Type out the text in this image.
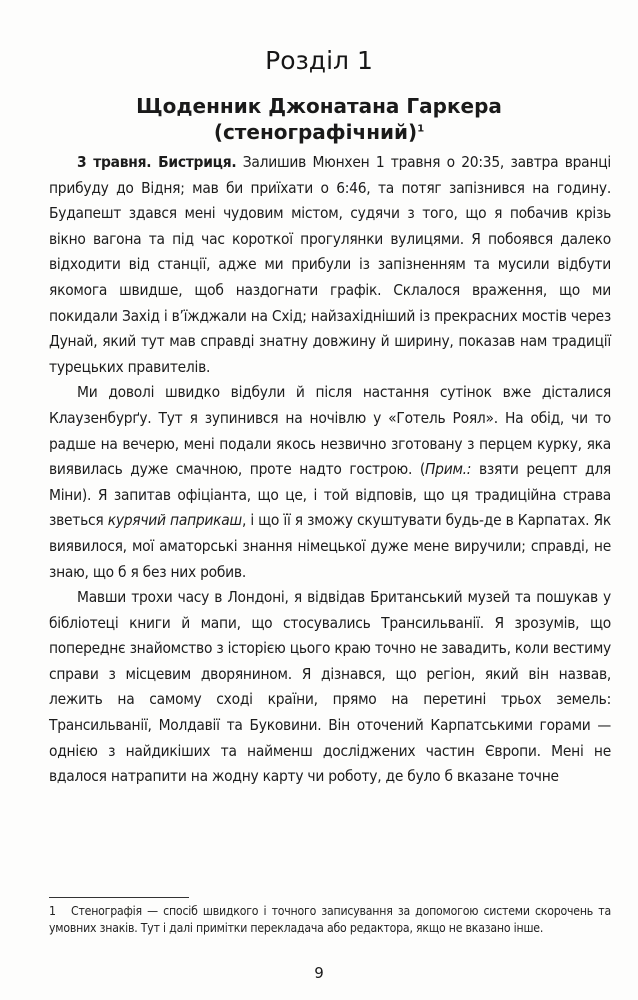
Розділ 1
Щоденник Джонатана Гаркера
(стенографічний)$^1$

3 травня. Бистриця. Залишив Мюнхен 1 травня о 20:35, завтра вранці прибуду до Відня; мав би приїхати о 6:46, та потяг запізнився на годину. Будапешт здався мені чудовим містом, судячи з того, що я побачив крізь вікно вагона та під час короткої прогулянки вулицями. Я побоявся далеко відходити від станції, адже ми прибули із запізненням та мусили відбути якомога швидше, щоб наздогнати графік. Склалося враження, що ми покидали Захід і в’їжджали на Схід; найзахідніший із прекрасних мостів через Дунай, який тут мав справді знатну довжину й ширину, показав нам традиції турецьких правителів.

Ми доволі швидко відбули й після настання сутінок вже дісталися Клаузенбурґу. Тут я зупинився на ночівлю у «Готель Роял». На обід, чи то радше на вечерю, мені подали якось незвично зготовану з перцем курку, яка виявилась дуже смачною, проте надто гострою. (Прим.: взяти рецепт для Міни). Я запитав офіціанта, що це, і той відповів, що ця традиційна страва зветься курячий паприкаш, і що її я зможу скуштувати будь-де в Карпатах. Як виявилося, мої аматорські знання німецької дуже мене виручили; справді, не знаю, що б я без них робив.

Мавши трохи часу в Лондоні, я відвідав Британський музей та пошукав у бібліотеці книги й мапи, що стосувались Трансильванії. Я зрозумів, що попереднє знайомство з історією цього краю точно не завадить, коли вестиму справи з місцевим дворянином. Я дізнався, що регіон, який він назвав, лежить на самому сході країни, прямо на перетині трьох земель: Трансильванії, Молдавії та Буковини. Він оточений Карпатськими горами — однією з найдикіших та найменш досліджених частин Європи. Мені не вдалося натрапити на жодну карту чи роботу, де було б вказане точне

1 Стенографія — спосіб швидкого і точного записування за допомогою системи скорочень та умовних знаків. Тут і далі примітки перекладача або редактора, якщо не вказано інше.

9
